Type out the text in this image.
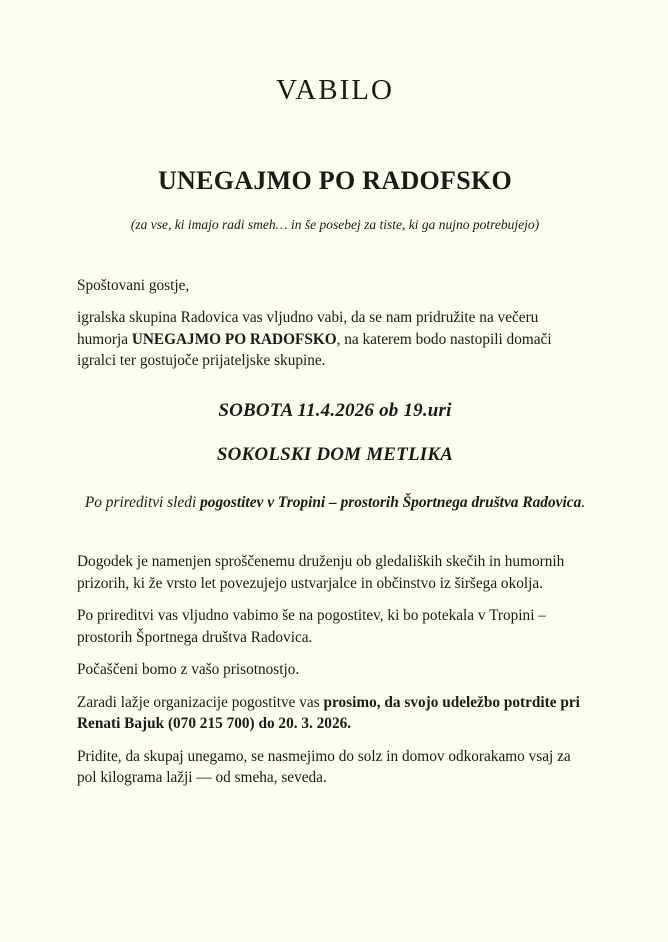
VABILO
UNEGAJMO PO RADOFSKO

(za vse, ki imajo radi smeh… in še posebej za tiste, ki ga nujno potrebujejo)

Spoštovani gostje,

igralska skupina Radovica vas vljudno vabi, da se nam pridružite na večeru humorja UNEGAJMO PO RADOFSKO, na katerem bodo nastopili domači igralci ter gostujoče prijateljske skupine.

SOBOTA 11.4.2026 ob 19.uri

SOKOLSKI DOM METLIKA

Po prireditvi sledi pogostitev v Tropini – prostorih Športnega društva Radovica.

Dogodek je namenjen sproščenemu druženju ob gledaliških skečih in humornih prizorih, ki že vrsto let povezujejo ustvarjalce in občinstvo iz širšega okolja.

Po prireditvi vas vljudno vabimo še na pogostitev, ki bo potekala v Tropini – prostorih Športnega društva Radovica.

Počaščeni bomo z vašo prisotnostjo.

Zaradi lažje organizacije pogostitve vas prosimo, da svojo udeležbo potrdite pri Renati Bajuk (070 215 700) do 20. 3. 2026.

Pridite, da skupaj unegamo, se nasmejimo do solz in domov odkorakamo vsaj za pol kilograma lažji — od smeha, seveda.
